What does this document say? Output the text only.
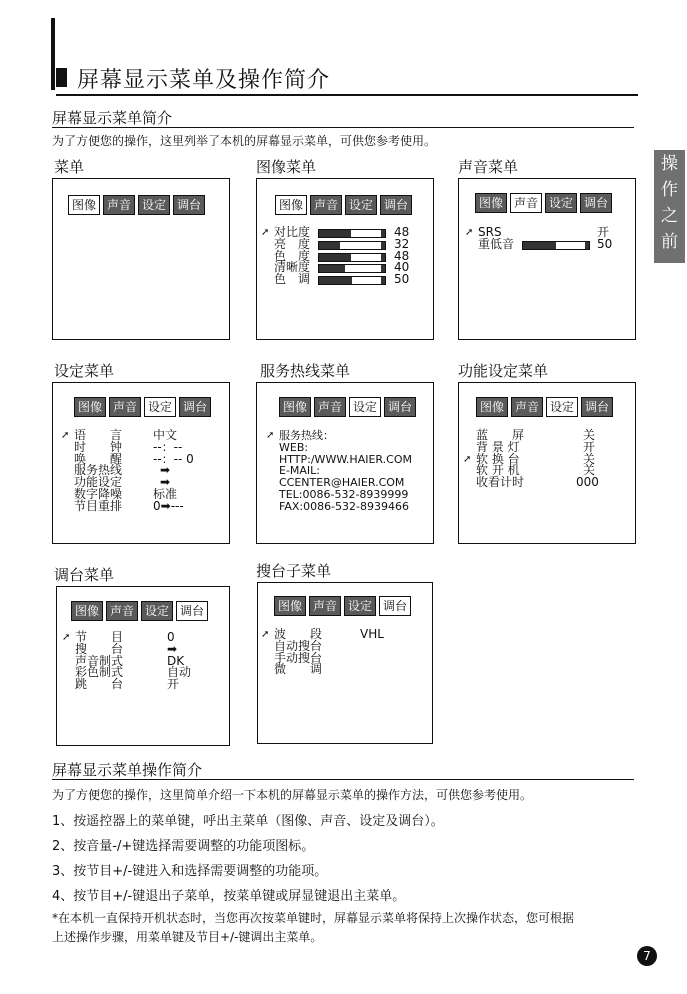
屏幕显示菜单及操作简介
操
作
之
前
屏幕显示菜单简介
为了方便您的操作，这里列举了本机的屏幕显示菜单，可供您参考使用。
菜单
图像 声音 设定 调台
图像菜单
图像 声音 设定 调台
➚ 对比度	48
亮　度	32
色　度	48
清晰度	40
色　调	50
声音菜单
图像 声音 设定 调台
➚ SRS	开
重低音	50
设定菜单
图像 声音 设定 调台
➚ 语　　言	中文
时　　钟	--：--
唤　　醒	--：-- 0
服务热线	➡
功能设定	➡
数字降噪	标准
节目重排	0➡---
服务热线菜单
图像 声音 设定 调台
➚ 服务热线：
WEB:
HTTP:/WWW.HAIER.COM
E-MAIL:
CCENTER@HAIER.COM
TEL:0086-532-8939999
FAX:0086-532-8939466
功能设定菜单
图像 声音 设定 调台
蓝　　屏	关
背 景 灯	开
➚ 软 换 台	关
软 开 机	关
收看计时	000
调台菜单
图像 声音 设定 调台
➚ 节　　目	0
搜　　台	➡
声音制式	DK
彩色制式	自动
跳　　台	开
搜台子菜单
图像 声音 设定 调台
➚ 波　　段	VHL
自动搜台
手动搜台
微　　调
屏幕显示菜单操作简介
为了方便您的操作，这里简单介绍一下本机的屏幕显示菜单的操作方法，可供您参考使用。
1、按遥控器上的菜单键，呼出主菜单（图像、声音、设定及调台）。
2、按音量-/+键选择需要调整的功能项图标。
3、按节目+/-键进入和选择需要调整的功能项。
4、按节目+/-键退出子菜单，按菜单键或屏显键退出主菜单。
*在本机一直保持开机状态时，当您再次按菜单键时，屏幕显示菜单将保持上次操作状态，您可根据
上述操作步骤，用菜单键及节目+/-键调出主菜单。
7
